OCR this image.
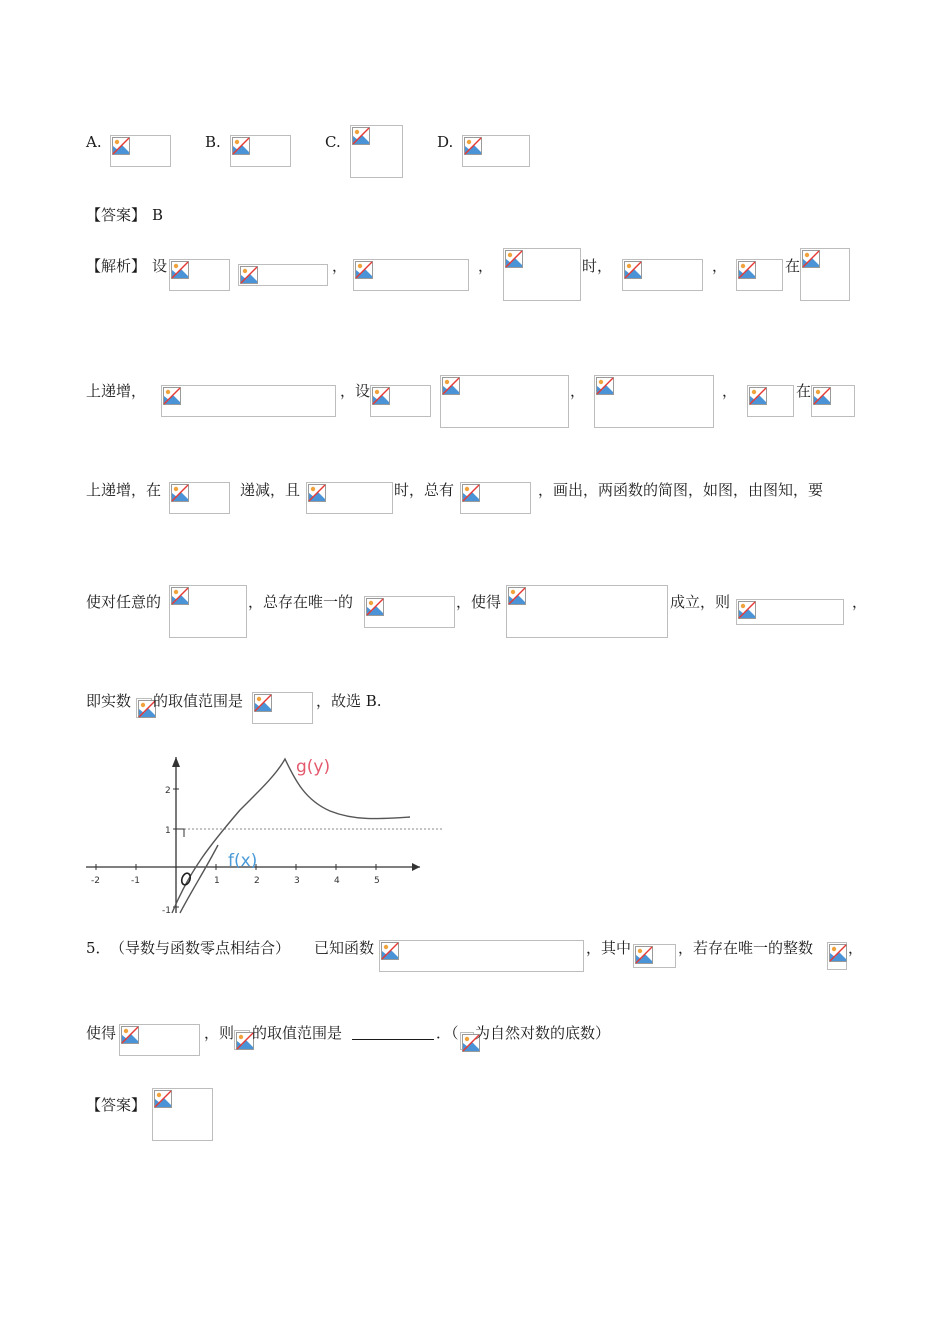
A.	B.	C.	D.
【答案】 B
【解析】 设	，	，	时，	，	在
上递增，	，设	，	，	在
上递增，在	递减，且	时，总有	，画出，两函数的简图，如图，由图知，要
使对任意的	，总存在唯一的	，使得	成立，则	，
即实数 的取值范围是	，故选 B.
-2	-1	1	2	3	4	5
2
1
-1
g(y)
f(x)
5． （导数与函数零点相结合） 已知函数	，其中	，若存在唯一的整数 ，
使得	，则 的取值范围是	．（ 为自然对数的底数）
【答案】
